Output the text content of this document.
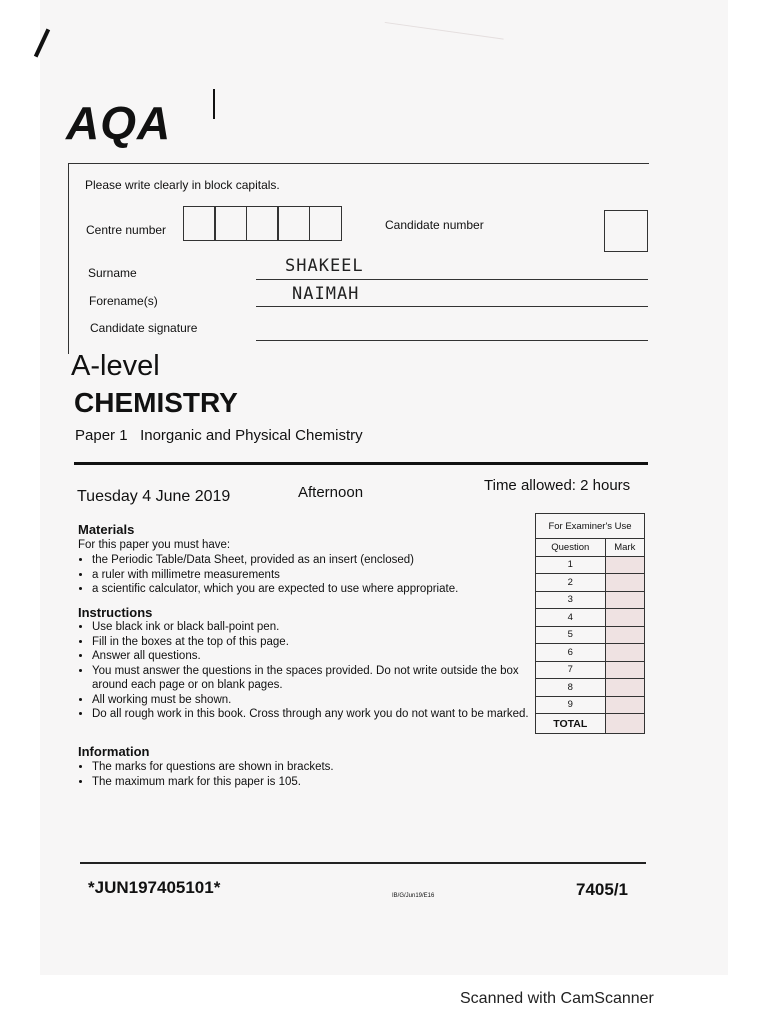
AQA
Please write clearly in block capitals.
Centre number	Candidate number
Surname	SHAKEEL
Forename(s)	NAIMAH
Candidate signature
A-level
CHEMISTRY
Paper 1 Inorganic and Physical Chemistry
Tuesday 4 June 2019	Afternoon	Time allowed: 2 hours
Materials
For this paper you must have:
• the Periodic Table/Data Sheet, provided as an insert (enclosed)
• a ruler with millimetre measurements
• a scientific calculator, which you are expected to use where appropriate.
Instructions
• Use black ink or black ball-point pen.
• Fill in the boxes at the top of this page.
• Answer all questions.
• You must answer the questions in the spaces provided. Do not write outside the box around each page or on blank pages.
• All working must be shown.
• Do all rough work in this book. Cross through any work you do not want to be marked.
Information
• The marks for questions are shown in brackets.
• The maximum mark for this paper is 105.
For Examiner's Use	
Question	Mark
1	
2	
3	
4	
5	
6	
7	
8	
9	
TOTAL	
*JUN197405101*	IB/G/Jun19/E16	7405/1
Scanned with CamScanner
